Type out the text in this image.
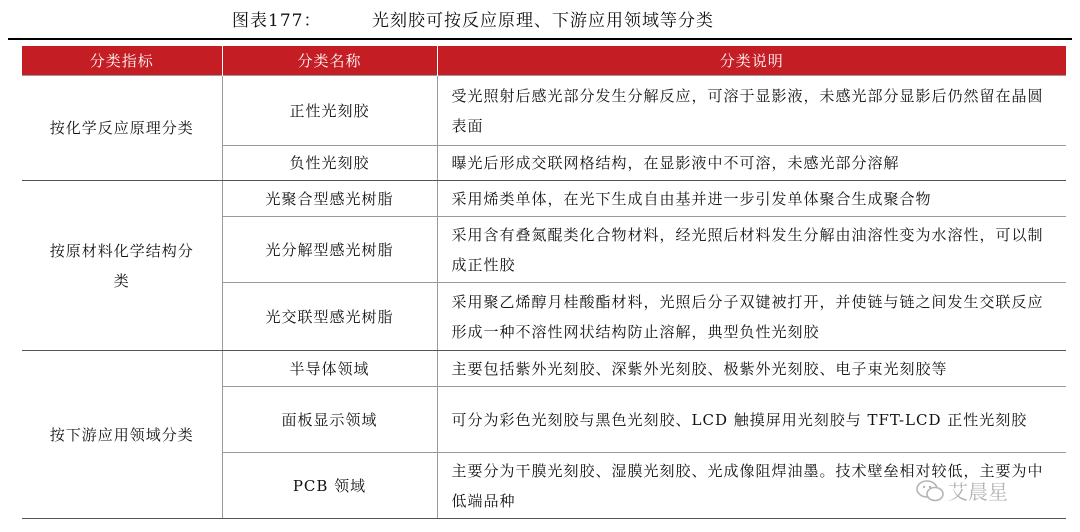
图表177：	光刻胶可按反应原理、下游应用领域等分类
分类指标	分类名称	分类说明
按化学反应原理分类	正性光刻胶	受光照射后感光部分发生分解反应，可溶于显影液，未感光部分显影后仍然留在晶圆表面
	负性光刻胶	曝光后形成交联网格结构，在显影液中不可溶，未感光部分溶解
按原材料化学结构分类	光聚合型感光树脂	采用烯类单体，在光下生成自由基并进一步引发单体聚合生成聚合物
	光分解型感光树脂	采用含有叠氮醌类化合物材料，经光照后材料发生分解由油溶性变为水溶性，可以制成正性胶
	光交联型感光树脂	采用聚乙烯醇月桂酸酯材料，光照后分子双键被打开，并使链与链之间发生交联反应形成一种不溶性网状结构防止溶解，典型负性光刻胶
按下游应用领域分类	半导体领域	主要包括紫外光刻胶、深紫外光刻胶、极紫外光刻胶、电子束光刻胶等
	面板显示领域	可分为彩色光刻胶与黑色光刻胶、LCD 触摸屏用光刻胶与 TFT-LCD 正性光刻胶
	PCB 领域	主要分为干膜光刻胶、湿膜光刻胶、光成像阻焊油墨。技术壁垒相对较低，主要为中低端品种	艾晨星
